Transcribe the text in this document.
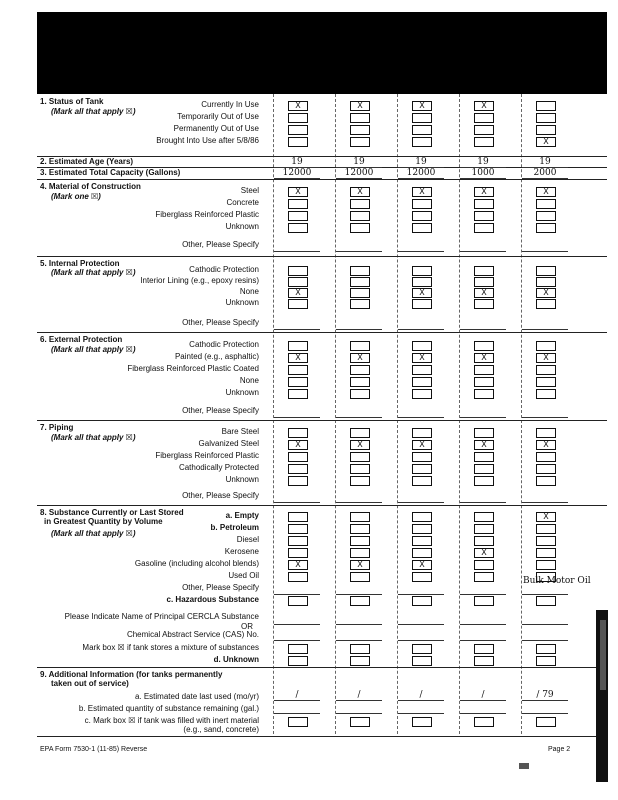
1. Status of Tank
(Mark all that apply ☒)
Currently In Use
Temporarily Out of Use
Permanently Out of Use
Brought Into Use after 5/8/86
2. Estimated Age (Years)
3. Estimated Total Capacity (Gallons)
4. Material of Construction
(Mark one ☒)
Steel
Concrete
Fiberglass Reinforced Plastic
Unknown
Other, Please Specify
5. Internal Protection
(Mark all that apply ☒)	Cathodic Protection
Interior Lining (e.g., epoxy resins)
None
Unknown
Other, Please Specify
6. External Protection
(Mark all that apply ☒)
Cathodic Protection
Painted (e.g., asphaltic)
Fiberglass Reinforced Plastic Coated
None
Unknown
Other, Please Specify
7. Piping
(Mark all that apply ☒)
Bare Steel
Galvanized Steel
Fiberglass Reinforced Plastic
Cathodically Protected
Unknown
Other, Please Specify
8. Substance Currently or Last Stored
in Greatest Quantity by Volume
(Mark all that apply ☒)
a. Empty
b. Petroleum
Diesel
Kerosene
Gasoline (including alcohol blends)
Used Oil
Other, Please Specify
c. Hazardous Substance
Please Indicate Name of Principal CERCLA Substance
OR
Chemical Abstract Service (CAS) No.
Mark box ☒ if tank stores a mixture of substances
d. Unknown
9. Additional Information (for tanks permanently
taken out of service)
a. Estimated date last used (mo/yr)
b. Estimated quantity of substance remaining (gal.)
c. Mark box ☒ if tank was filled with inert material
(e.g., sand, concrete)
X
X
X
X
X
X
19
12000
/
X
X
X
X
X
19
12000
/
X
X
X
X
X
X
19
12000
/
X
X
X
X
X
X
19
1000
/
X
X
X
X
X
X
19
2000
/ 79
Bulk Motor Oil
EPA Form 7530-1 (11-85) Reverse	Page 2
